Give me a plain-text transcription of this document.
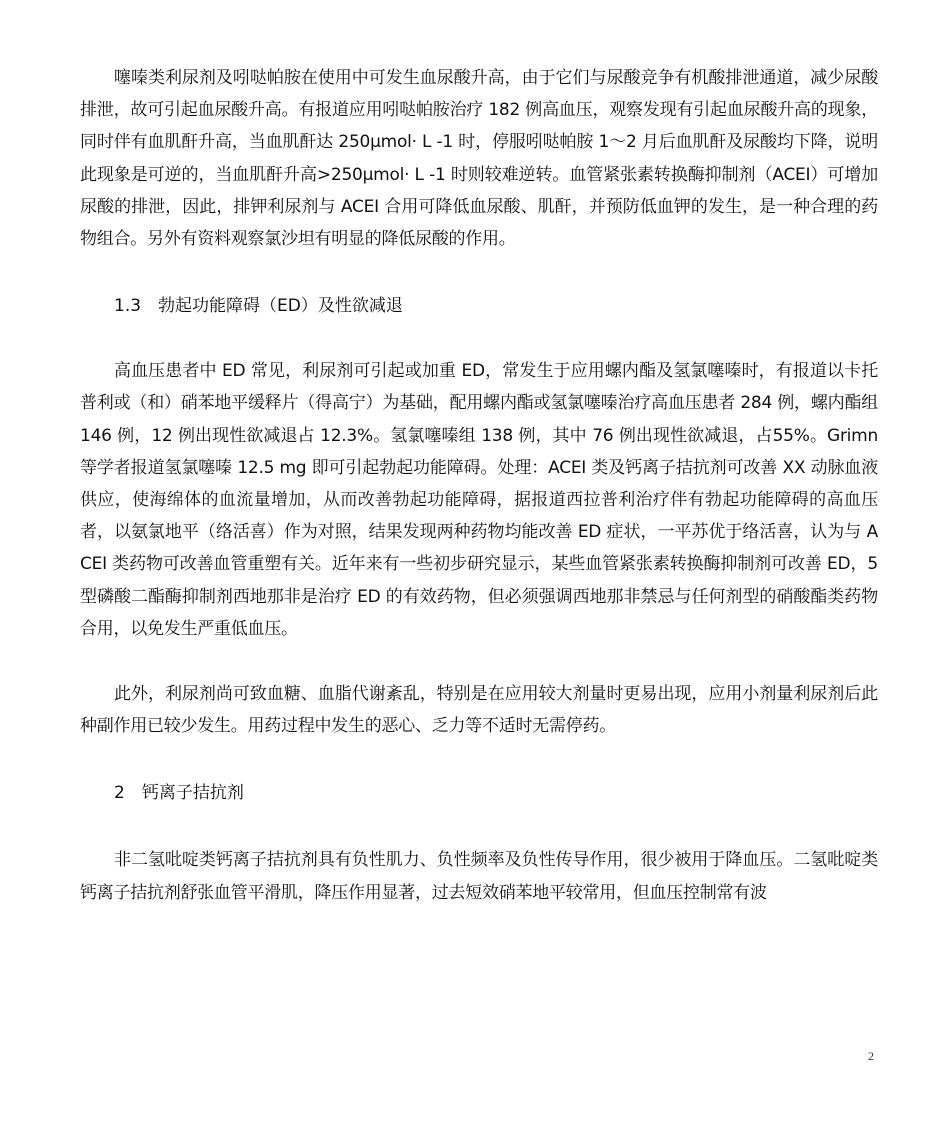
噻嗪类利尿剂及吲哒帕胺在使用中可发生血尿酸升高，由于它们与尿酸竞争有机酸排泄通道，减少尿酸排泄，故可引起血尿酸升高。有报道应用吲哒帕胺治疗 182 例高血压，观察发现有引起血尿酸升高的现象，同时伴有血肌酐升高，当血肌酐达 250μmol· L -1 时，停服吲哒帕胺 1～2 月后血肌酐及尿酸均下降，说明此现象是可逆的，当血肌酐升高>250μmol· L -1 时则较难逆转。血管紧张素转换酶抑制剂（ACEI）可增加尿酸的排泄，因此，排钾利尿剂与 ACEI 合用可降低血尿酸、肌酐，并预防低血钾的发生，是一种合理的药物组合。另外有资料观察氯沙坦有明显的降低尿酸的作用。

1.3　勃起功能障碍（ED）及性欲减退

高血压患者中 ED 常见，利尿剂可引起或加重 ED，常发生于应用螺内酯及氢氯噻嗪时，有报道以卡托普利或（和）硝苯地平缓释片（得高宁）为基础，配用螺内酯或氢氯噻嗪治疗高血压患者 284 例，螺内酯组 146 例，12 例出现性欲减退占 12.3%。氢氯噻嗪组 138 例，其中 76 例出现性欲减退，占55%。Grimn 等学者报道氢氯噻嗪 12.5 mg 即可引起勃起功能障碍。处理：ACEI 类及钙离子拮抗剂可改善 XX 动脉血液供应，使海绵体的血流量增加，从而改善勃起功能障碍，据报道西拉普利治疗伴有勃起功能障碍的高血压者，以氨氯地平（络活喜）作为对照，结果发现两种药物均能改善 ED 症状，一平苏优于络活喜，认为与 ACEI 类药物可改善血管重塑有关。近年来有一些初步研究显示，某些血管紧张素转换酶抑制剂可改善 ED，5 型磷酸二酯酶抑制剂西地那非是治疗 ED 的有效药物，但必须强调西地那非禁忌与任何剂型的硝酸酯类药物合用，以免发生严重低血压。

此外，利尿剂尚可致血糖、血脂代谢紊乱，特别是在应用较大剂量时更易出现，应用小剂量利尿剂后此种副作用已较少发生。用药过程中发生的恶心、乏力等不适时无需停药。

2　钙离子拮抗剂

非二氢吡啶类钙离子拮抗剂具有负性肌力、负性频率及负性传导作用，很少被用于降血压。二氢吡啶类钙离子拮抗剂舒张血管平滑肌，降压作用显著，过去短效硝苯地平较常用，但血压控制常有波

2
